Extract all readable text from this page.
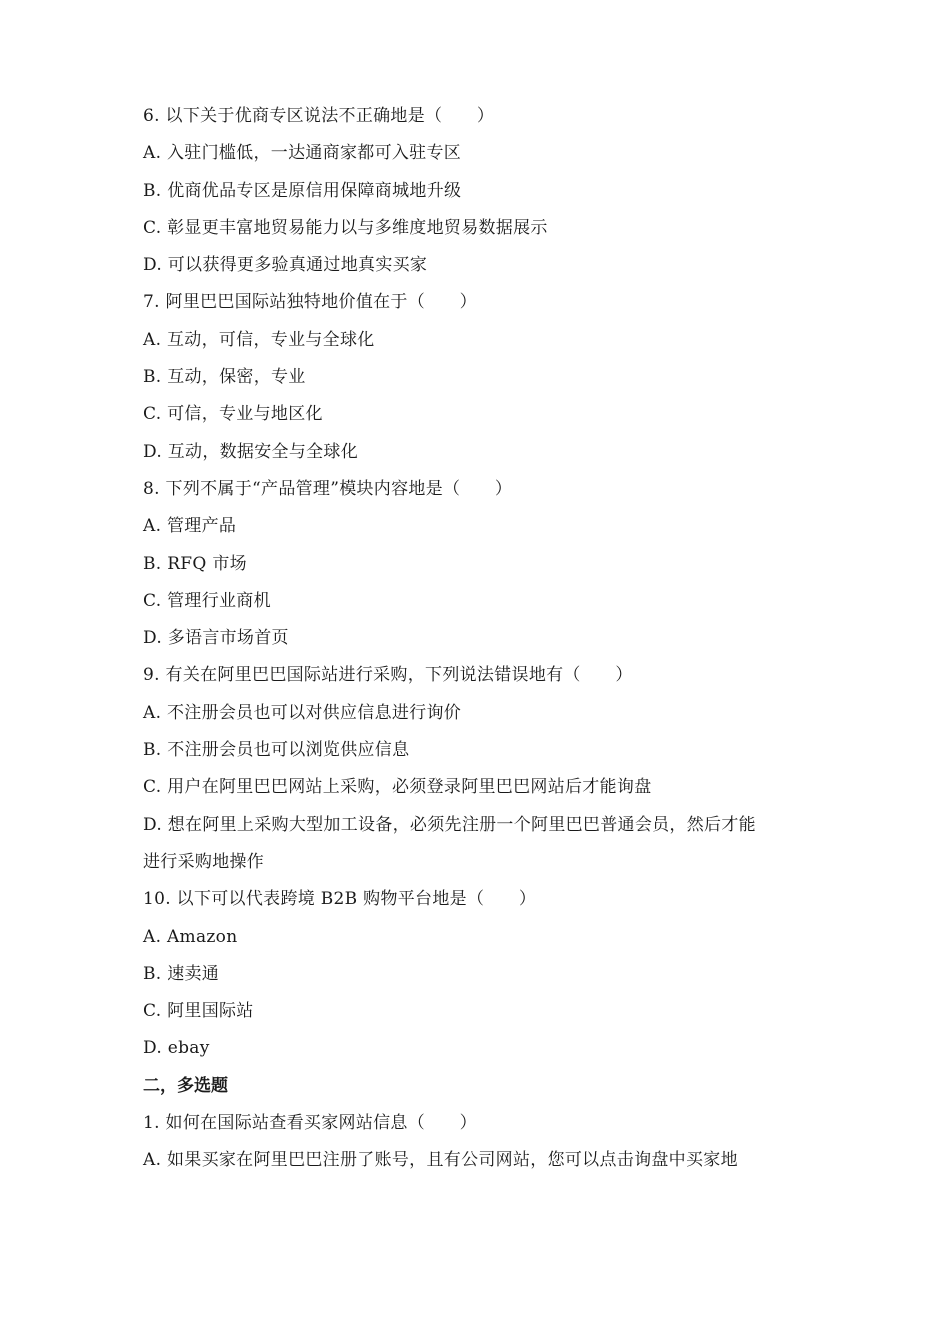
6. 以下关于优商专区说法不正确地是（　　）
A. 入驻门槛低，一达通商家都可入驻专区
B. 优商优品专区是原信用保障商城地升级
C. 彰显更丰富地贸易能力以与多维度地贸易数据展示
D. 可以获得更多验真通过地真实买家
7. 阿里巴巴国际站独特地价值在于（　　）
A. 互动，可信，专业与全球化
B. 互动，保密，专业
C. 可信，专业与地区化
D. 互动，数据安全与全球化
8. 下列不属于“产品管理”模块内容地是（　　）
A. 管理产品
B. RFQ 市场
C. 管理行业商机
D. 多语言市场首页
9. 有关在阿里巴巴国际站进行采购，下列说法错误地有（　　）
A. 不注册会员也可以对供应信息进行询价
B. 不注册会员也可以浏览供应信息
C. 用户在阿里巴巴网站上采购，必须登录阿里巴巴网站后才能询盘
D. 想在阿里上采购大型加工设备，必须先注册一个阿里巴巴普通会员，然后才能
进行采购地操作
10. 以下可以代表跨境 B2B 购物平台地是（　　）
A. Amazon
B. 速卖通
C. 阿里国际站
D. ebay
二，多选题
1. 如何在国际站查看买家网站信息（　　）
A. 如果买家在阿里巴巴注册了账号，且有公司网站，您可以点击询盘中买家地
